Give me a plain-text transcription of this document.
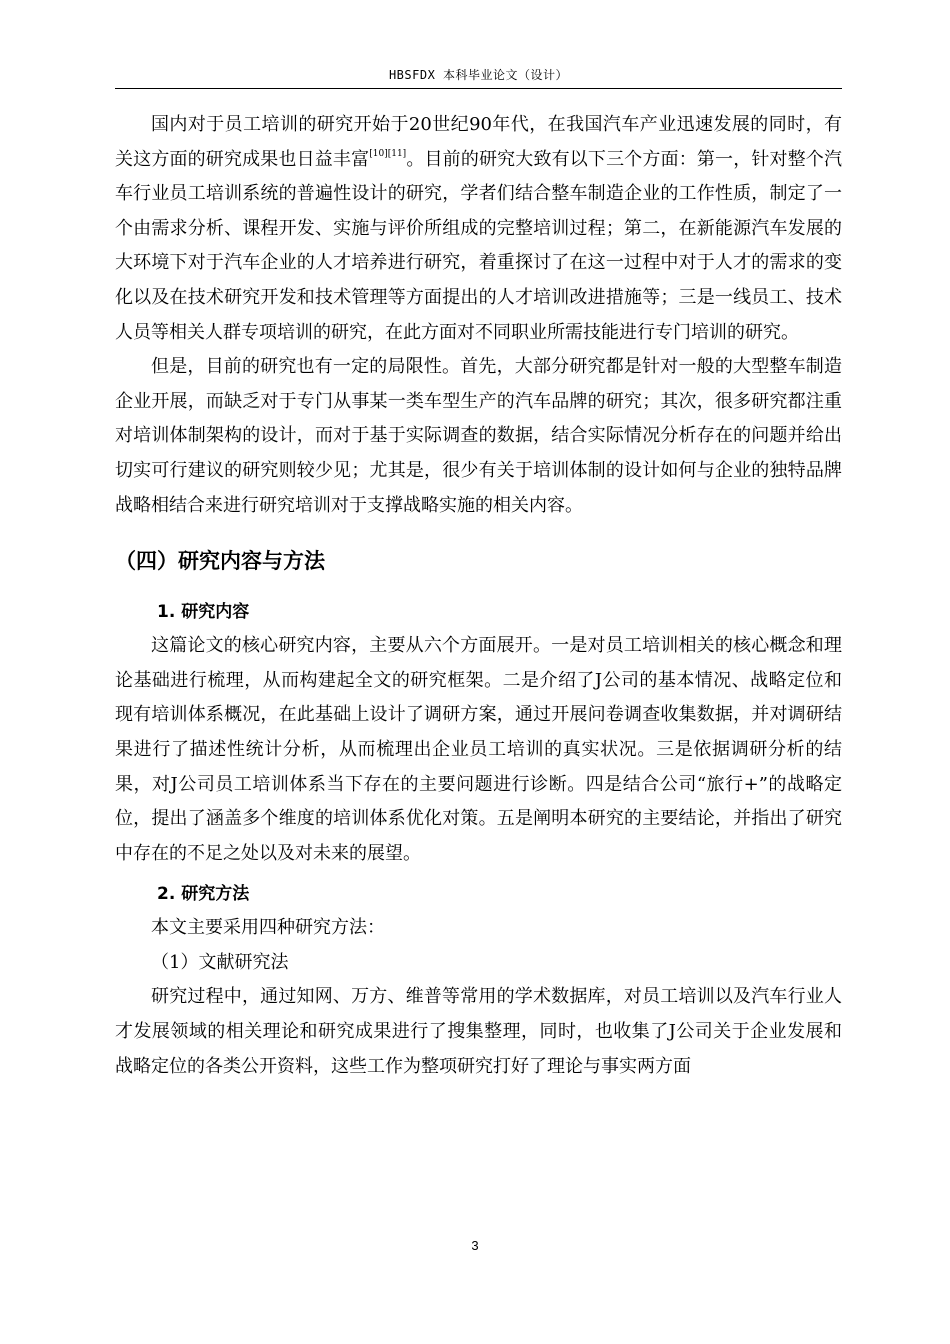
HBSFDX 本科毕业论文（设计）

国内对于员工培训的研究开始于20世纪90年代，在我国汽车产业迅速发展的同时，有关这方面的研究成果也日益丰富[10][11]。目前的研究大致有以下三个方面：第一，针对整个汽车行业员工培训系统的普遍性设计的研究，学者们结合整车制造企业的工作性质，制定了一个由需求分析、课程开发、实施与评价所组成的完整培训过程；第二，在新能源汽车发展的大环境下对于汽车企业的人才培养进行研究，着重探讨了在这一过程中对于人才的需求的变化以及在技术研究开发和技术管理等方面提出的人才培训改进措施等；三是一线员工、技术人员等相关人群专项培训的研究，在此方面对不同职业所需技能进行专门培训的研究。

但是，目前的研究也有一定的局限性。首先，大部分研究都是针对一般的大型整车制造企业开展，而缺乏对于专门从事某一类车型生产的汽车品牌的研究；其次，很多研究都注重对培训体制架构的设计，而对于基于实际调查的数据，结合实际情况分析存在的问题并给出切实可行建议的研究则较少见；尤其是，很少有关于培训体制的设计如何与企业的独特品牌战略相结合来进行研究培训对于支撑战略实施的相关内容。

（四）研究内容与方法
1. 研究内容

这篇论文的核心研究内容，主要从六个方面展开。一是对员工培训相关的核心概念和理论基础进行梳理，从而构建起全文的研究框架。二是介绍了J公司的基本情况、战略定位和现有培训体系概况，在此基础上设计了调研方案，通过开展问卷调查收集数据，并对调研结果进行了描述性统计分析，从而梳理出企业员工培训的真实状况。三是依据调研分析的结果，对J公司员工培训体系当下存在的主要问题进行诊断。四是结合公司“旅行+”的战略定位，提出了涵盖多个维度的培训体系优化对策。五是阐明本研究的主要结论，并指出了研究中存在的不足之处以及对未来的展望。

2. 研究方法

本文主要采用四种研究方法：

（1）文献研究法

研究过程中，通过知网、万方、维普等常用的学术数据库，对员工培训以及汽车行业人才发展领域的相关理论和研究成果进行了搜集整理，同时，也收集了J公司关于企业发展和战略定位的各类公开资料，这些工作为整项研究打好了理论与事实两方面

3
